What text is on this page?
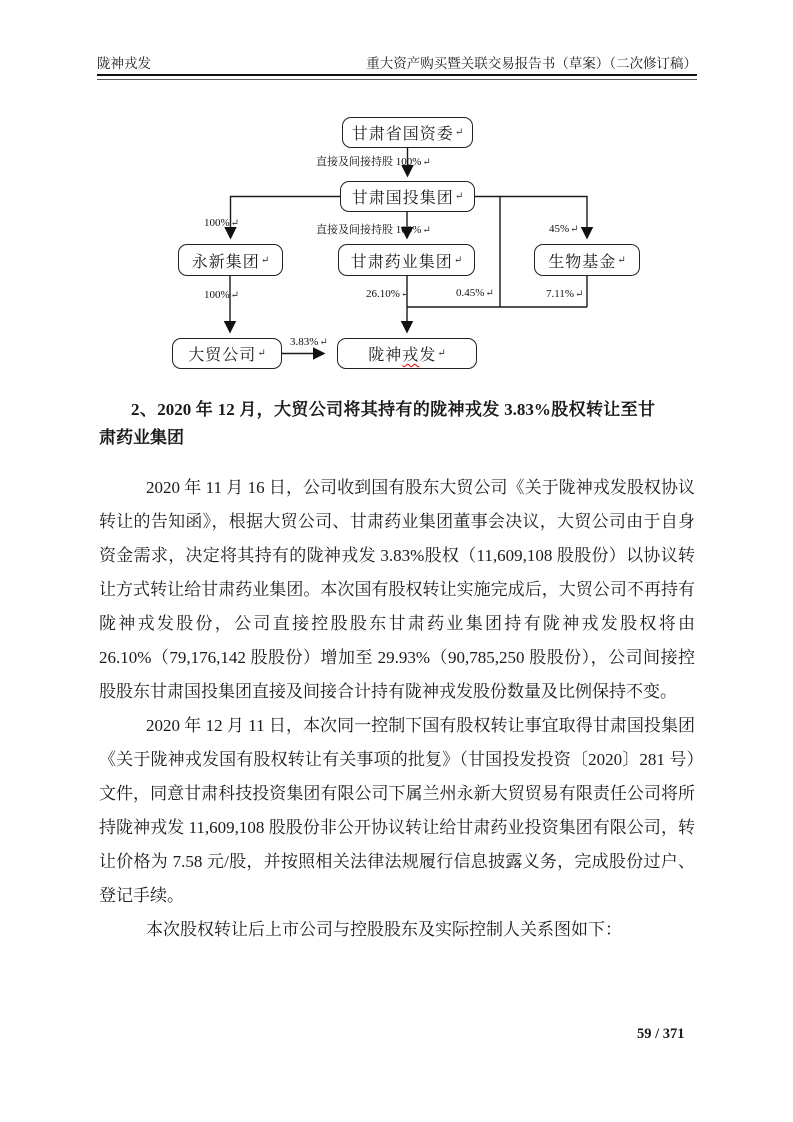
陇神戎发	重大资产购买暨关联交易报告书（草案）（二次修订稿）
甘肃省国资委 ↵
甘肃国投集团 ↵
永新集团 ↵	甘肃药业集团 ↵	生物基金 ↵
大贸公司 ↵	陇神 戎 发 ↵
直接及间接持股 100%↵
100%↵
直接及间接持股 100%↵	45%↵
100%↵	26.10%↵	0.45%↵	7.11%↵
3.83%↵
2、2020 年 12 月，大贸公司将其持有的陇神戎发 3.83%股权转让至甘肃药业集团
2020 年 11 月 16 日，公司收到国有股东大贸公司《关于陇神戎发股权协议转让的告知函》，根据大贸公司、甘肃药业集团董事会决议，大贸公司由于自身资金需求，决定将其持有的陇神戎发 3.83%股权（11,609,108 股股份）以协议转让方式转让给甘肃药业集团。本次国有股权转让实施完成后，大贸公司不再持有陇神戎发股份，公司直接控股股东甘肃药业集团持有陇神戎发股权将由 26.10%（79,176,142 股股份）增加至 29.93%（90,785,250 股股份），公司间接控股股东甘肃国投集团直接及间接合计持有陇神戎发股份数量及比例保持不变。
2020 年 12 月 11 日，本次同一控制下国有股权转让事宜取得甘肃国投集团《关于陇神戎发国有股权转让有关事项的批复》（甘国投发投资〔2020〕281 号）文件，同意甘肃科技投资集团有限公司下属兰州永新大贸贸易有限责任公司将所持陇神戎发 11,609,108 股股份非公开协议转让给甘肃药业投资集团有限公司，转让价格为 7.58 元/股，并按照相关法律法规履行信息披露义务，完成股份过户、登记手续。
本次股权转让后上市公司与控股股东及实际控制人关系图如下：
59 / 371
